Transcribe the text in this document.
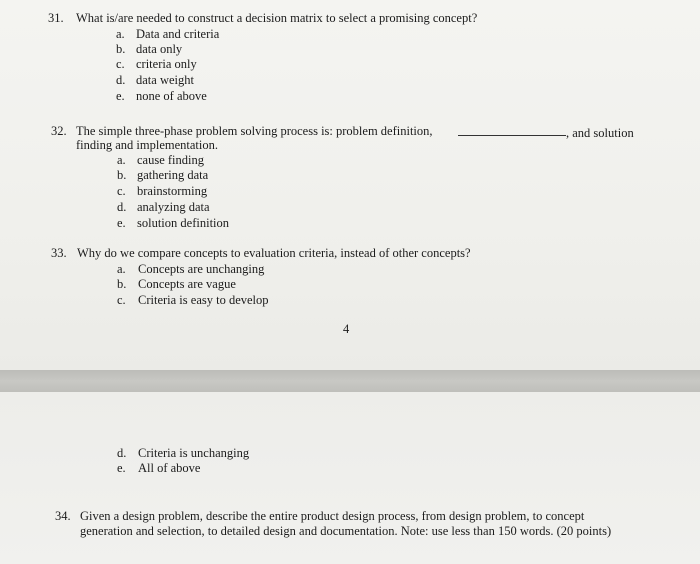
31. What is/are needed to construct a decision matrix to select a promising concept?
a. Data and criteria
b. data only
c. criteria only
d. data weight
e. none of above
32. The simple three-phase problem solving process is: problem definition,	, and solution
finding and implementation.
a. cause finding
b. gathering data
c. brainstorming
d. analyzing data
e. solution definition
33. Why do we compare concepts to evaluation criteria, instead of other concepts?
a. Concepts are unchanging
b. Concepts are vague
c. Criteria is easy to develop
d. Criteria is unchanging
e. All of above
4
34. Given a design problem, describe the entire product design process, from design problem, to concept
generation and selection, to detailed design and documentation. Note: use less than 150 words. (20 points)
